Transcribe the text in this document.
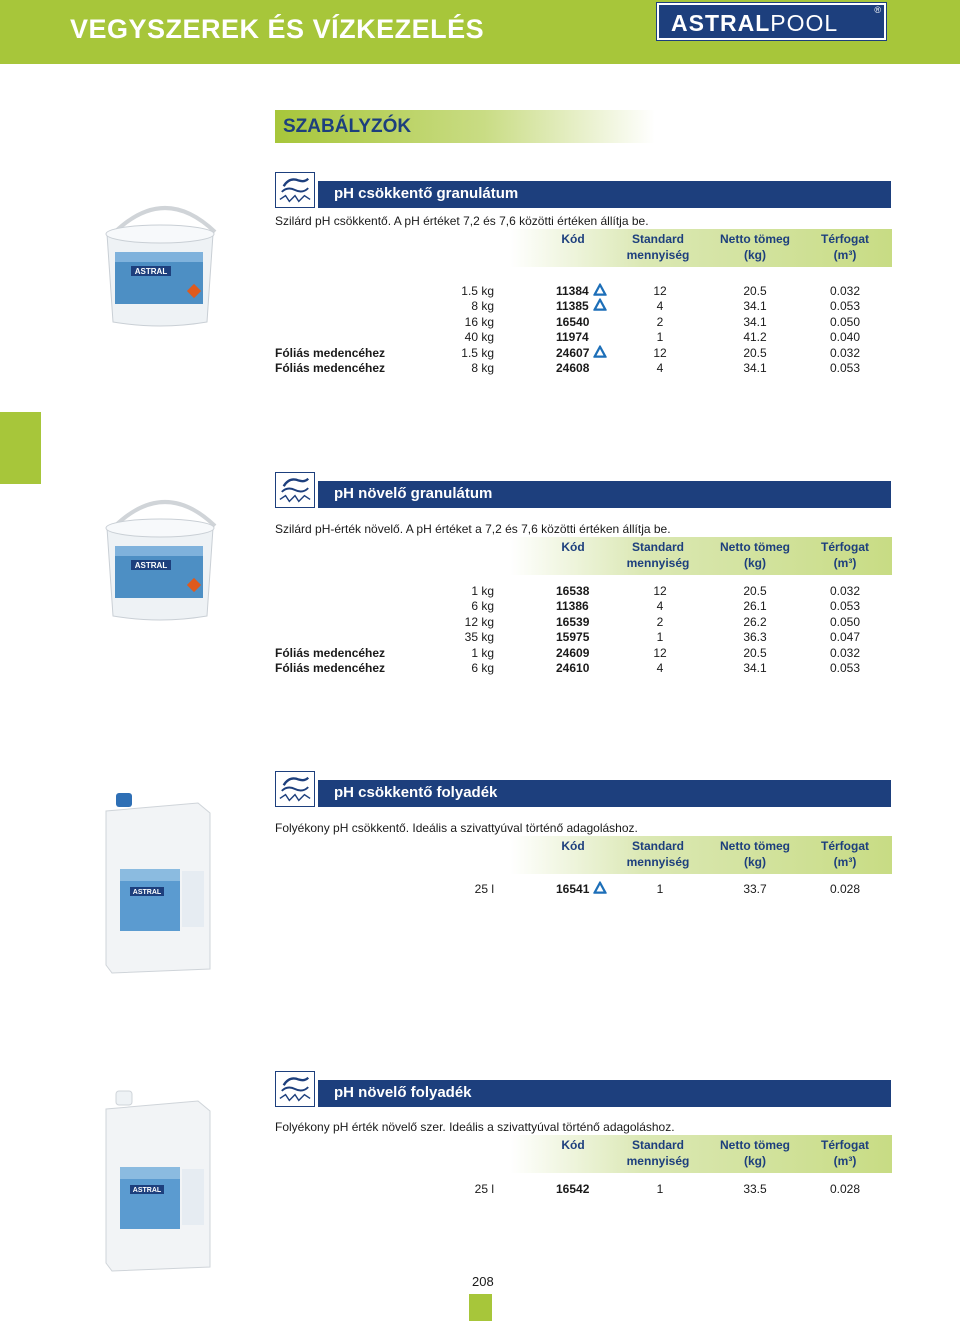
VEGYSZEREK ÉS VÍZKEZELÉS	ASTRALPOOL	®
SZABÁLYZÓK
ASTRAL
pH csökkentő granulátum
Szilárd pH csökkentő. A pH értéket 7,2 és 7,6 közötti értéken állítja be.
Kód	Standard
mennyiség
Netto tömeg
(kg)
Térfogat
(m³)
1.5 kg	11384	12	20.5	0.032
8 kg	11385	4	34.1	0.053
16 kg	16540	2	34.1	0.050
40 kg	11974	1	41.2	0.040
Fóliás medencéhez	1.5 kg	24607	12	20.5	0.032
Fóliás medencéhez	8 kg	24608	4	34.1	0.053
ASTRAL
pH növelő granulátum
Szilárd pH-érték növelő. A pH értéket a 7,2 és 7,6 közötti értéken állítja be.
Kód	Standard
mennyiség
Netto tömeg
(kg)
Térfogat
(m³)
1 kg	16538	12	20.5	0.032
6 kg	11386	4	26.1	0.053
12 kg	16539	2	26.2	0.050
35 kg	15975	1	36.3	0.047
Fóliás medencéhez	1 kg	24609	12	20.5	0.032
Fóliás medencéhez	6 kg	24610	4	34.1	0.053
ASTRAL
pH csökkentő folyadék
Folyékony pH csökkentő. Ideális a szivattyúval történő adagoláshoz.
Kód	Standard
mennyiség
Netto tömeg
(kg)
Térfogat
(m³)
25 l	16541	1	33.7	0.028
ASTRAL
pH növelő folyadék
Folyékony pH érték növelő szer. Ideális a szivattyúval történő adagoláshoz.
Kód	Standard
mennyiség
Netto tömeg
(kg)
Térfogat
(m³)
25 l	16542	1	33.5	0.028
208
